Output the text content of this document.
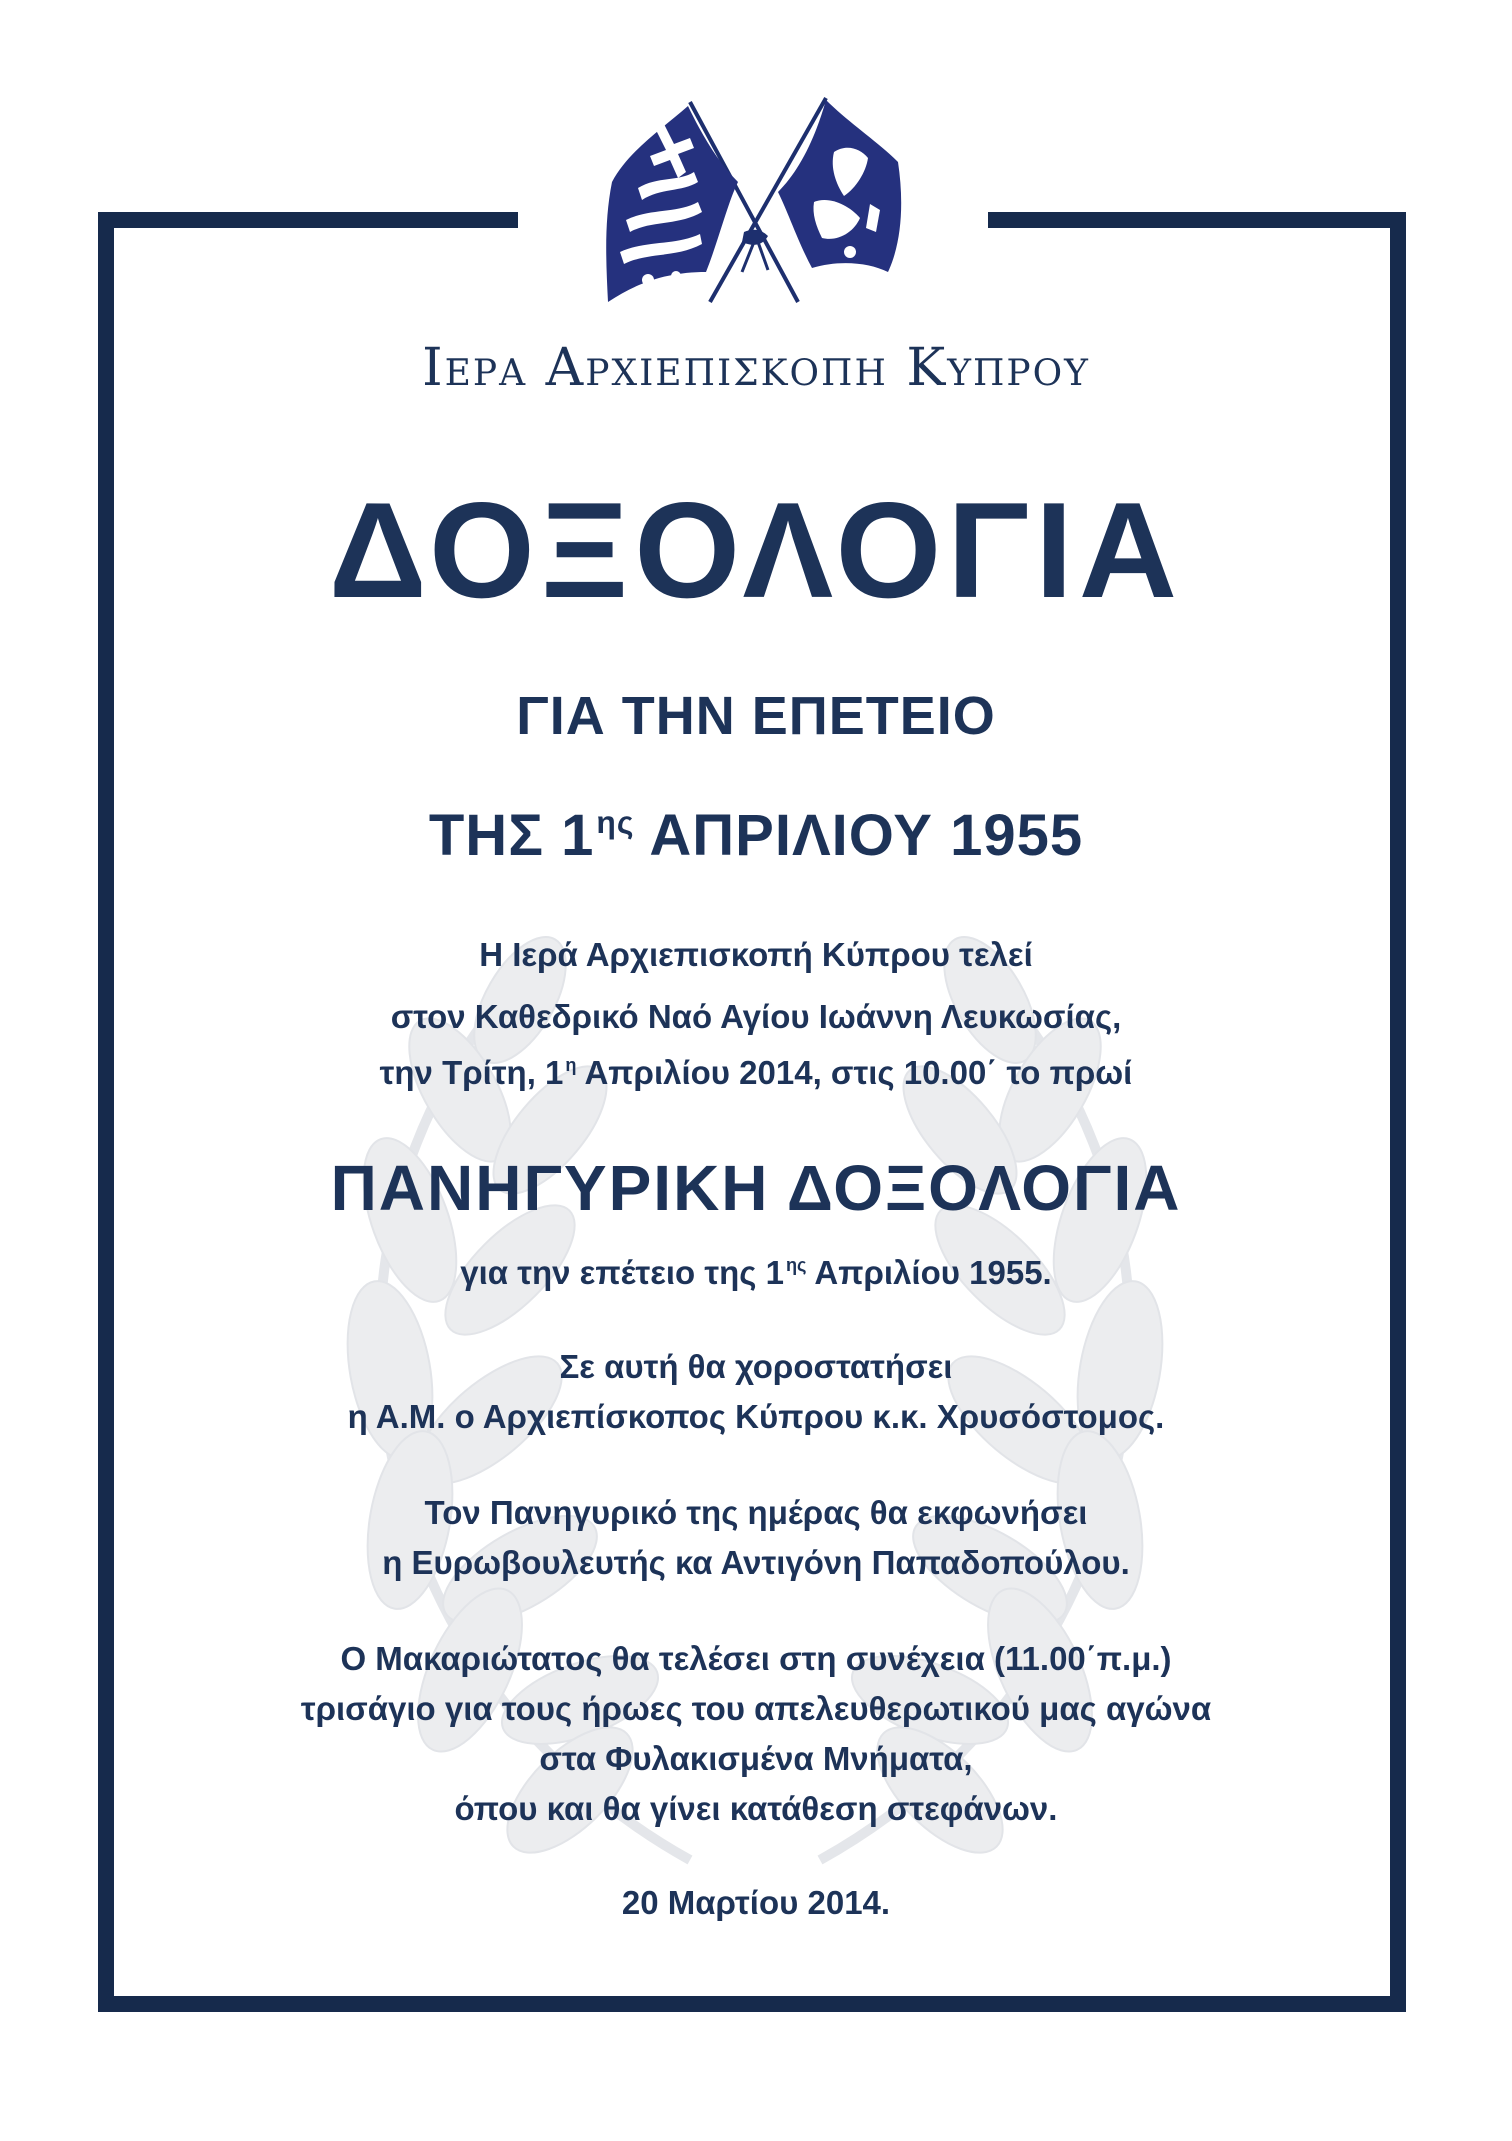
Ιερα Αρχιεπισκοπη Κυπρου
ΔΟΞΟΛΟΓΙΑ
ΓΙΑ ΤΗΝ ΕΠΕΤΕΙΟ
ΤΗΣ $1^{\eta\varsigma}$ ΑΠΡΙΛΙΟΥ 1955
Η Ιερά Αρχιεπισκοπή Κύπρου τελεί
στον Καθεδρικό Ναό Αγίου Ιωάννη Λευκωσίας,
την Τρίτη, 1 $^\eta$ Απριλίου 2014, στις 10.00΄ το πρωί
ΠΑΝΗΓΥΡΙΚΗ ΔΟΞΟΛΟΓΙΑ
για την επέτειο της 1 $^{\eta\varsigma}$ Απριλίου 1955.
Σε αυτή θα χοροστατήσει
η Α.Μ. ο Αρχιεπίσκοπος Κύπρου κ.κ. Χρυσόστομος.
Τον Πανηγυρικό της ημέρας θα εκφωνήσει
η Ευρωβουλευτής κα Αντιγόνη Παπαδοπούλου.
Ο Μακαριώτατος θα τελέσει στη συνέχεια (11.00΄π.μ.)
τρισάγιο για τους ήρωες του απελευθερωτικού μας αγώνα
στα Φυλακισμένα Μνήματα,
όπου και θα γίνει κατάθεση στεφάνων.
20 Μαρτίου 2014.
